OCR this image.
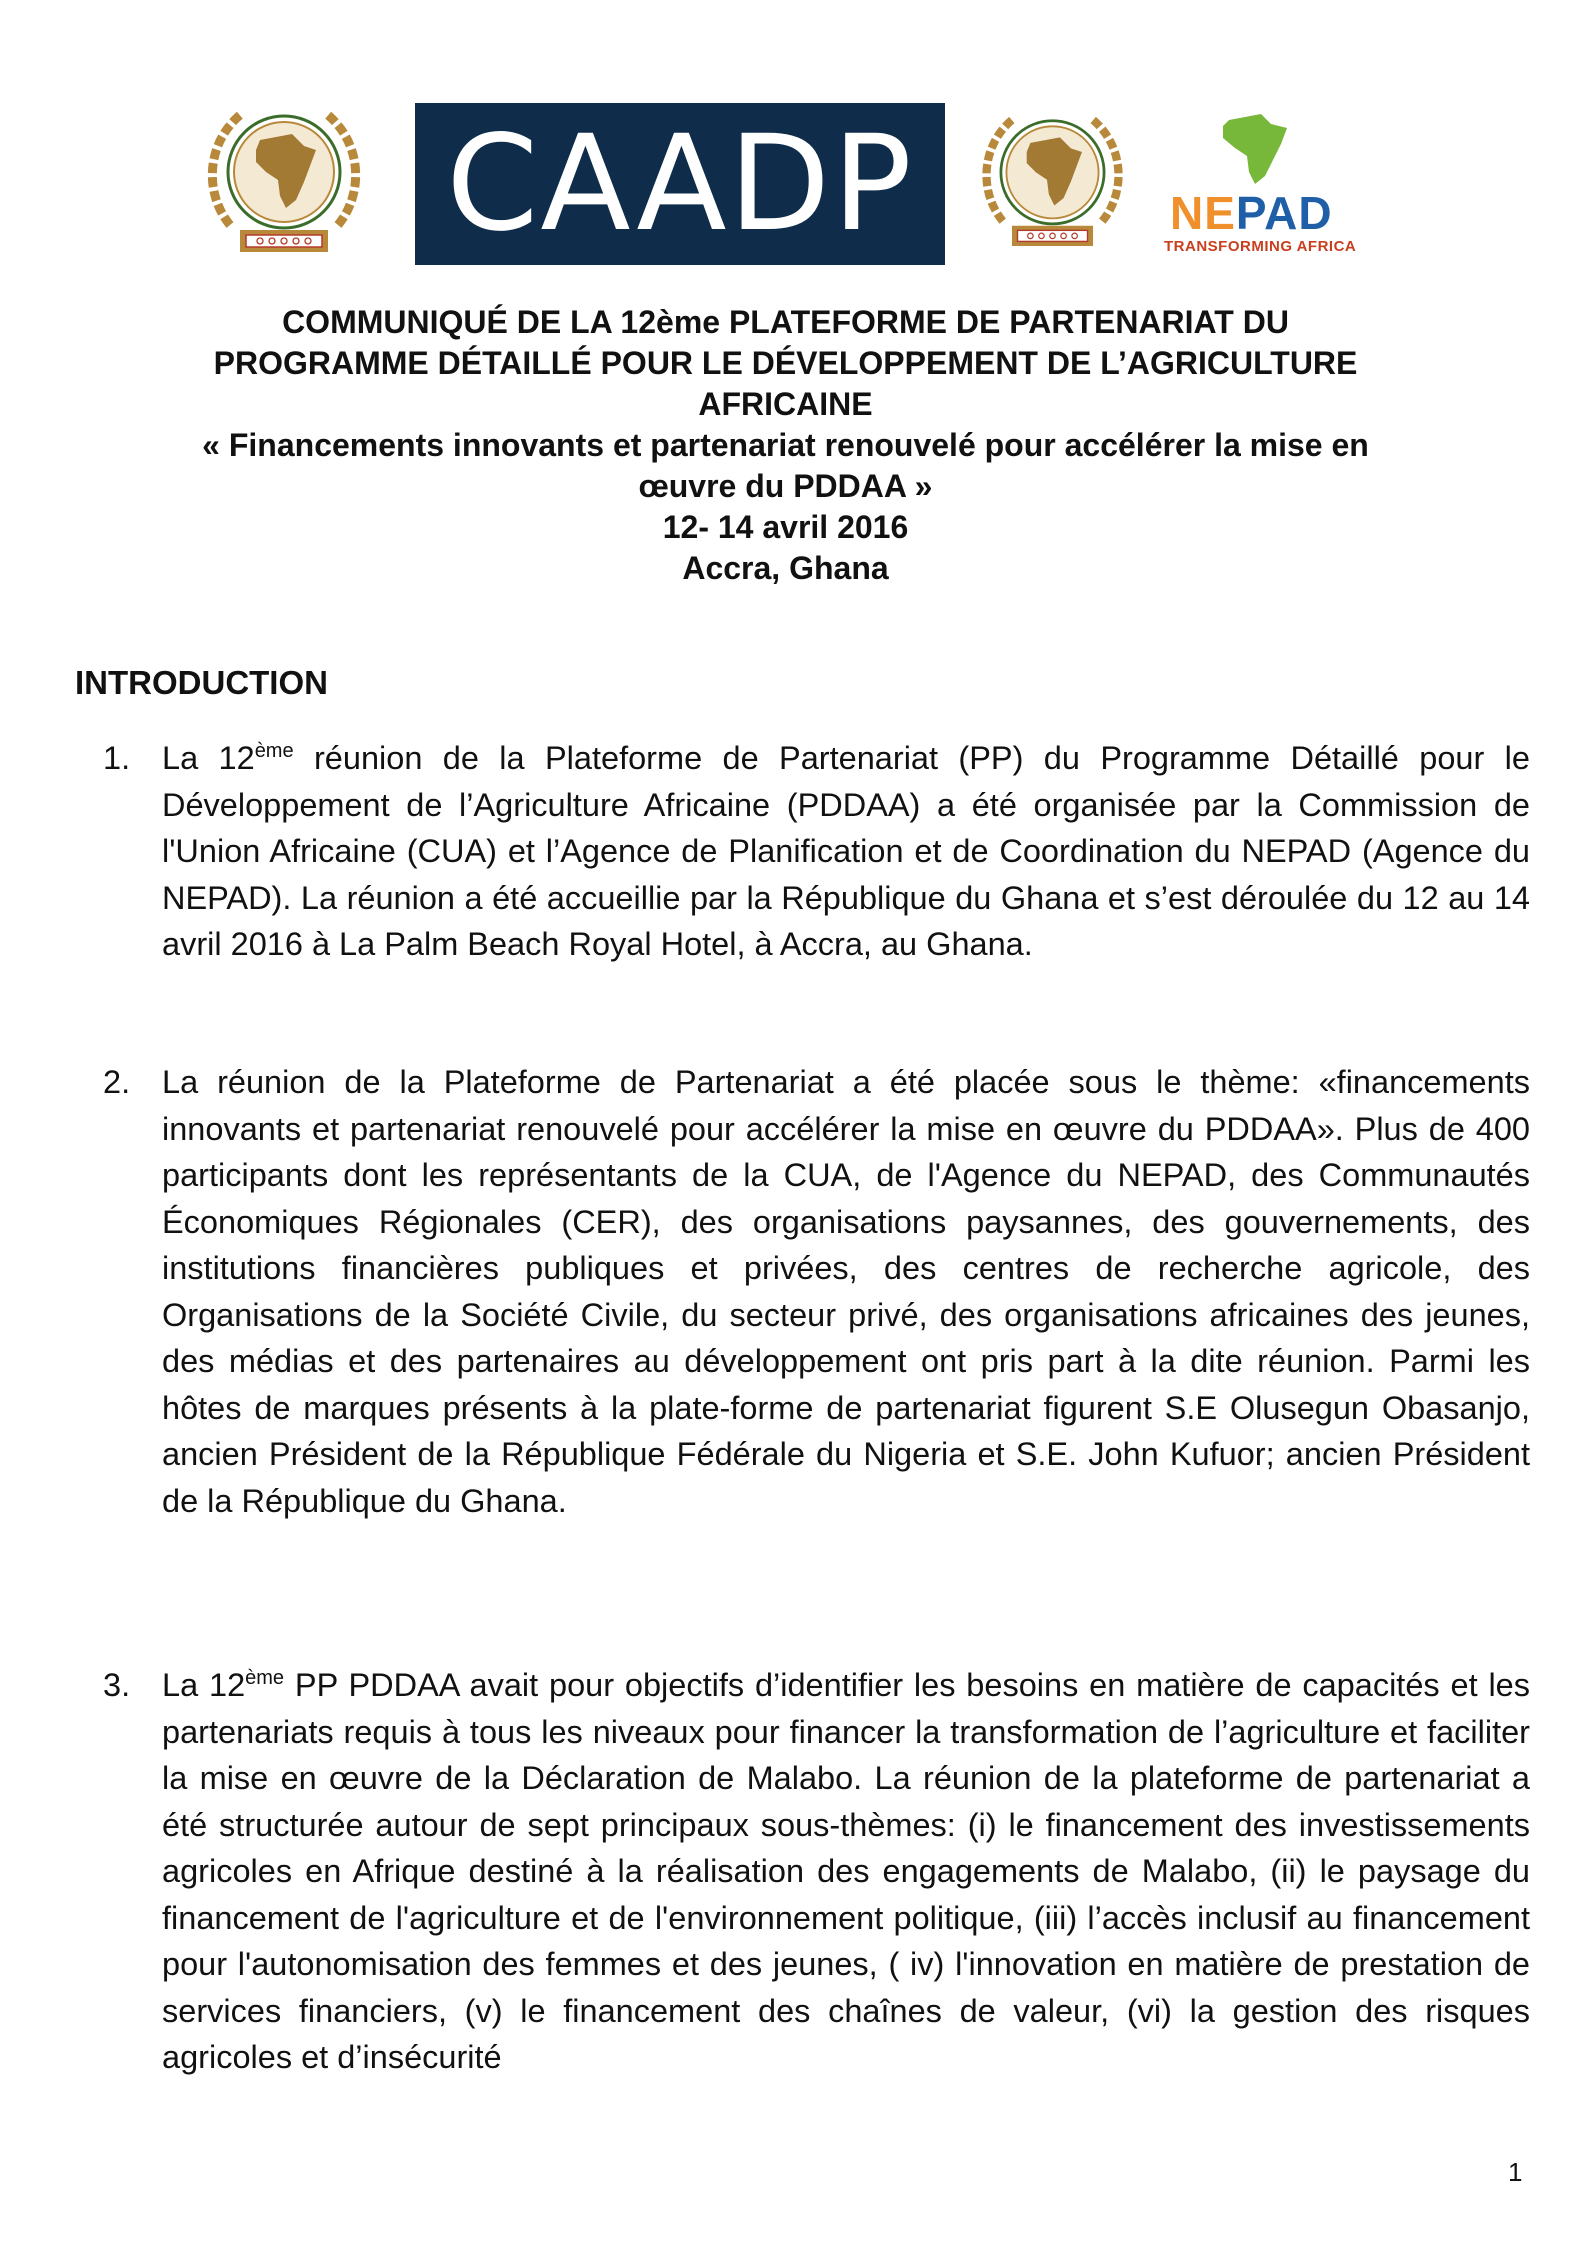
CAADP	NEPAD
TRANSFORMING AFRICA
COMMUNIQUÉ DE LA 12ème PLATEFORME DE PARTENARIAT DU
PROGRAMME DÉTAILLÉ POUR LE DÉVELOPPEMENT DE L’AGRICULTURE
AFRICAINE
« Financements innovants et partenariat renouvelé pour accélérer la mise en
œuvre du PDDAA »
12- 14 avril 2016
Accra, Ghana
INTRODUCTION
1. La 12ème réunion de la Plateforme de Partenariat (PP) du Programme Détaillé pour le Développement de l’Agriculture Africaine (PDDAA) a été organisée par la Commission de l'Union Africaine (CUA) et l’Agence de Planification et de Coordination du NEPAD (Agence du NEPAD). La réunion a été accueillie par la République du Ghana et s’est déroulée du 12 au 14 avril 2016 à La Palm Beach Royal Hotel, à Accra, au Ghana.
2. La réunion de la Plateforme de Partenariat a été placée sous le thème: «financements innovants et partenariat renouvelé pour accélérer la mise en œuvre du PDDAA». Plus de 400 participants dont les représentants de la CUA, de l'Agence du NEPAD, des Communautés Économiques Régionales (CER), des organisations paysannes, des gouvernements, des institutions financières publiques et privées, des centres de recherche agricole, des Organisations de la Société Civile, du secteur privé, des organisations africaines des jeunes, des médias et des partenaires au développement ont pris part à la dite réunion. Parmi les hôtes de marques présents à la plate-forme de partenariat figurent S.E Olusegun Obasanjo, ancien Président de la République Fédérale du Nigeria et S.E. John Kufuor; ancien Président de la République du Ghana.
3. La 12ème PP PDDAA avait pour objectifs d’identifier les besoins en matière de capacités et les partenariats requis à tous les niveaux pour financer la transformation de l’agriculture et faciliter la mise en œuvre de la Déclaration de Malabo. La réunion de la plateforme de partenariat a été structurée autour de sept principaux sous-thèmes: (i) le financement des investissements agricoles en Afrique destiné à la réalisation des engagements de Malabo, (ii) le paysage du financement de l'agriculture et de l'environnement politique, (iii) l’accès inclusif au financement pour l'autonomisation des femmes et des jeunes, ( iv) l'innovation en matière de prestation de services financiers, (v) le financement des chaînes de valeur, (vi) la gestion des risques agricoles et d’insécurité
1
